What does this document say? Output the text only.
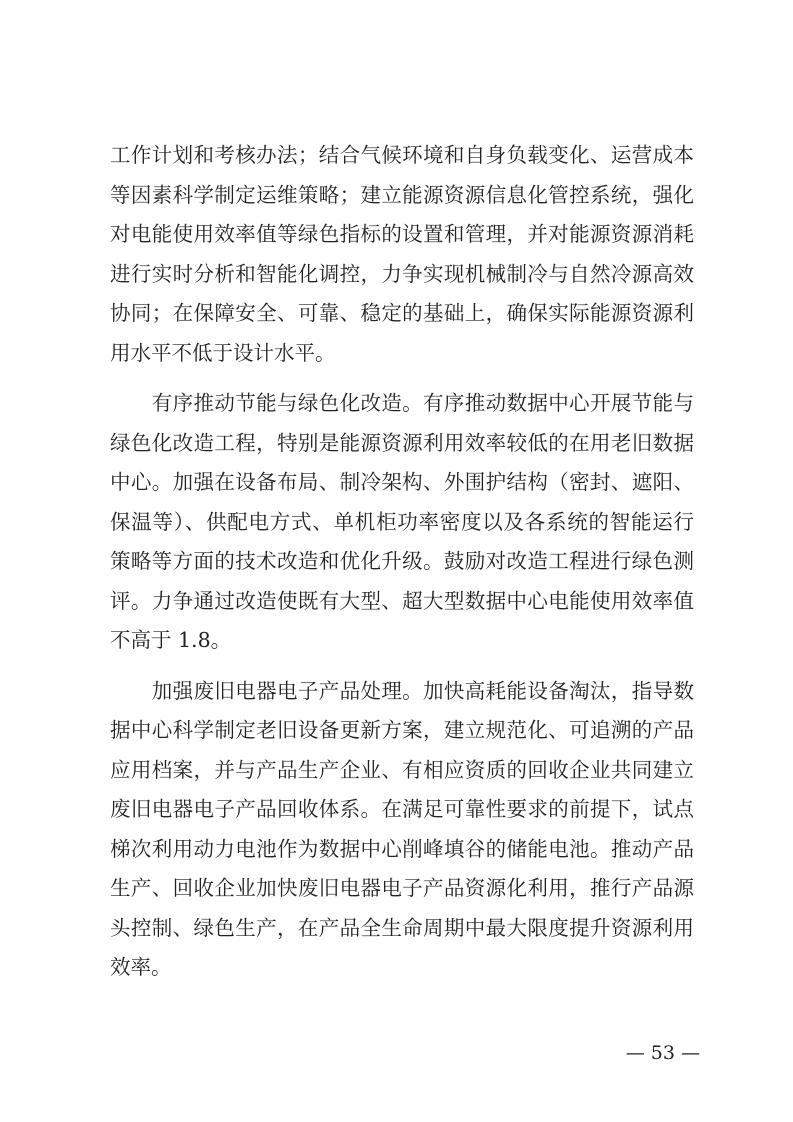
工作计划和考核办法；结合气候环境和自身负载变化、运营成本
等因素科学制定运维策略；建立能源资源信息化管控系统，强化
对电能使用效率值等绿色指标的设置和管理，并对能源资源消耗
进行实时分析和智能化调控，力争实现机械制冷与自然冷源高效
协同；在保障安全、可靠、稳定的基础上，确保实际能源资源利
用水平不低于设计水平。
　　有序推动节能与绿色化改造。有序推动数据中心开展节能与
绿色化改造工程，特别是能源资源利用效率较低的在用老旧数据
中心。加强在设备布局、制冷架构、外围护结构（密封、遮阳、
保温等）、供配电方式、单机柜功率密度以及各系统的智能运行
策略等方面的技术改造和优化升级。鼓励对改造工程进行绿色测
评。力争通过改造使既有大型、超大型数据中心电能使用效率值
不高于 1.8。
　　加强废旧电器电子产品处理。加快高耗能设备淘汰，指导数
据中心科学制定老旧设备更新方案，建立规范化、可追溯的产品
应用档案，并与产品生产企业、有相应资质的回收企业共同建立
废旧电器电子产品回收体系。在满足可靠性要求的前提下，试点
梯次利用动力电池作为数据中心削峰填谷的储能电池。推动产品
生产、回收企业加快废旧电器电子产品资源化利用，推行产品源
头控制、绿色生产，在产品全生命周期中最大限度提升资源利用
效率。
— 53 —
